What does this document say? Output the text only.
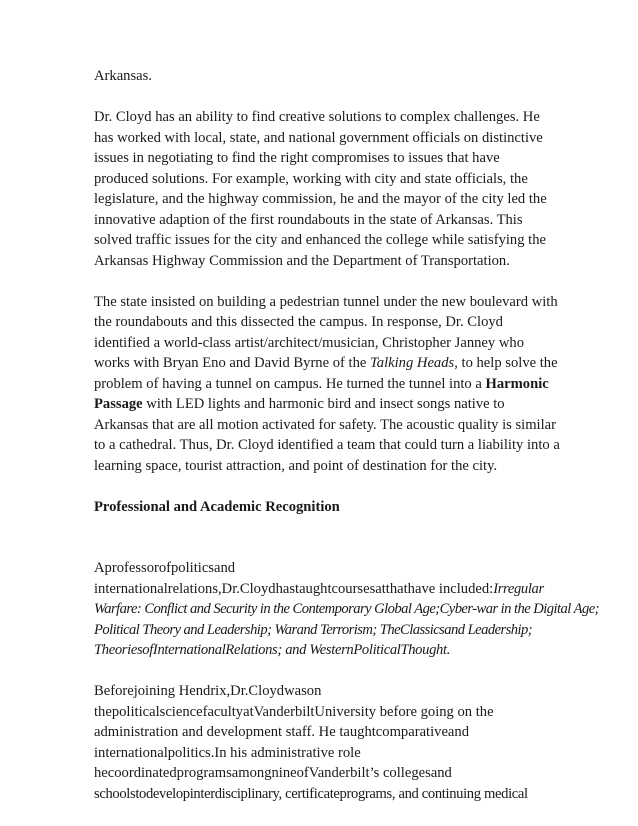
Arkansas.

Dr. Cloyd has an ability to find creative solutions to complex challenges. He
has worked with local, state, and national government officials on distinctive
issues in negotiating to find the right compromises to issues that have
produced solutions. For example, working with city and state officials, the
legislature, and the highway commission, he and the mayor of the city led the
innovative adaption of the first roundabouts in the state of Arkansas. This
solved traffic issues for the city and enhanced the college while satisfying the
Arkansas Highway Commission and the Department of Transportation.

The state insisted on building a pedestrian tunnel under the new boulevard with
the roundabouts and this dissected the campus. In response, Dr. Cloyd
identified a world-class artist/architect/musician, Christopher Janney who
works with Bryan Eno and David Byrne of the Talking Heads, to help solve the
problem of having a tunnel on campus. He turned the tunnel into a Harmonic
Passage with LED lights and harmonic bird and insect songs native to
Arkansas that are all motion activated for safety. The acoustic quality is similar
to a cathedral. Thus, Dr. Cloyd identified a team that could turn a liability into a
learning space, tourist attraction, and point of destination for the city.

Professional and Academic Recognition

Aprofessorofpoliticsand
internationalrelations,Dr.Cloydhastaughtcoursesatthathave included:Irregular
Warfare: Conflict and Security in the Contemporary Global Age;Cyber-war in the Digital Age;
Political Theory and Leadership; Warand Terrorism; TheClassicsand Leadership;
TheoriesofInternationalRelations; and WesternPoliticalThought.

Beforejoining Hendrix,Dr.Cloydwason
thepoliticalsciencefacultyatVanderbiltUniversity before going on the
administration and development staff. He taughtcomparativeand
internationalpolitics.In his administrative role
hecoordinatedprogramsamongnineofVanderbilt’s collegesand
schoolstodevelopinterdisciplinary, certificateprograms, and continuing medical
